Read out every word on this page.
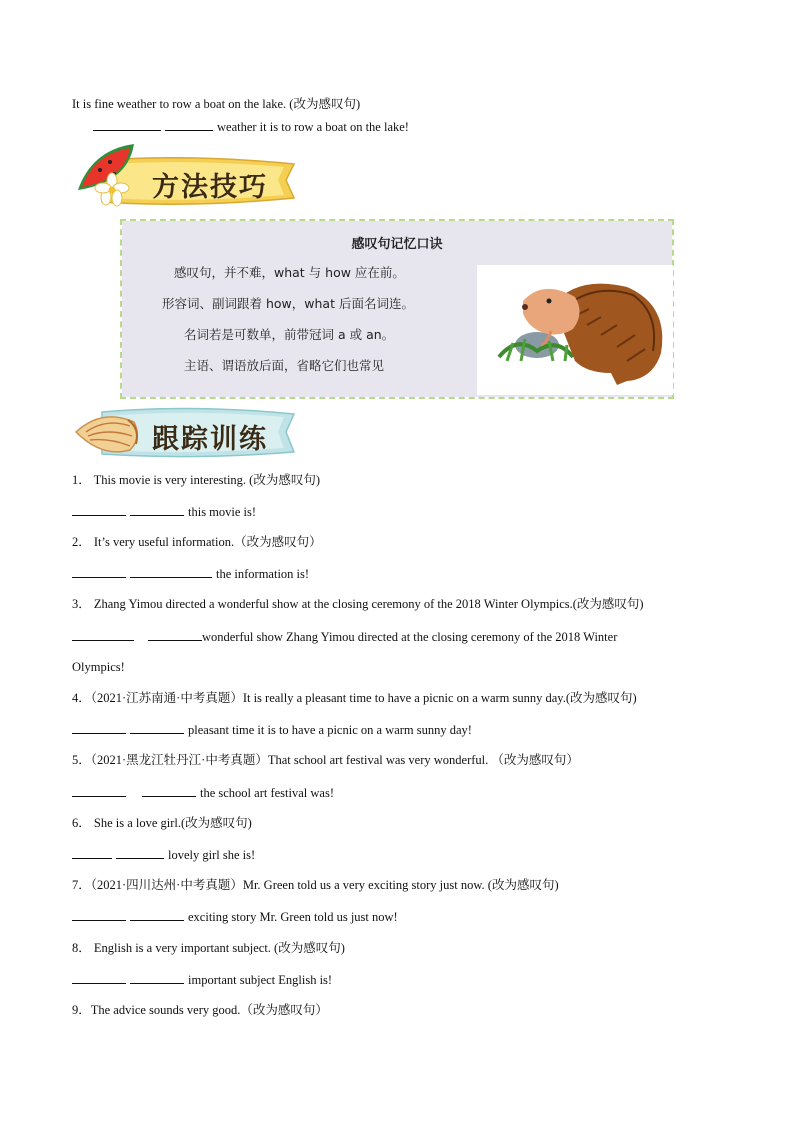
It is fine weather to row a boat on the lake. (改为感叹句)
weather it is to row a boat on the lake!
方法技巧
感叹句记忆口诀
感叹句，并不难，what 与 how 应在前。
形容词、副词跟着 how，what 后面名词连。
名词若是可数单，前带冠词 a 或 an。
主语、谓语放后面，省略它们也常见
跟踪训练
1． This movie is very interesting. (改为感叹句)
this movie is!
2． It’s very useful information.（改为感叹句）
the information is!
3． Zhang Yimou directed a wonderful show at the closing ceremony of the 2018 Winter Olympics.(改为感叹句)
wonderful show Zhang Yimou directed at the closing ceremony of the 2018 Winter
Olympics!
4．（2021·江苏南通·中考真题）It is really a pleasant time to have a picnic on a warm sunny day.(改为感叹句)
pleasant time it is to have a picnic on a warm sunny day!
5．（2021·黑龙江牡丹江·中考真题）That school art festival was very wonderful. （改为感叹句）
the school art festival was!
6． She is a love girl.(改为感叹句)
lovely girl she is!
7．（2021·四川达州·中考真题）Mr. Green told us a very exciting story just now. (改为感叹句)
exciting story Mr. Green told us just now!
8． English is a very important subject. (改为感叹句)
important subject English is!
9．The advice sounds very good.（改为感叹句）
